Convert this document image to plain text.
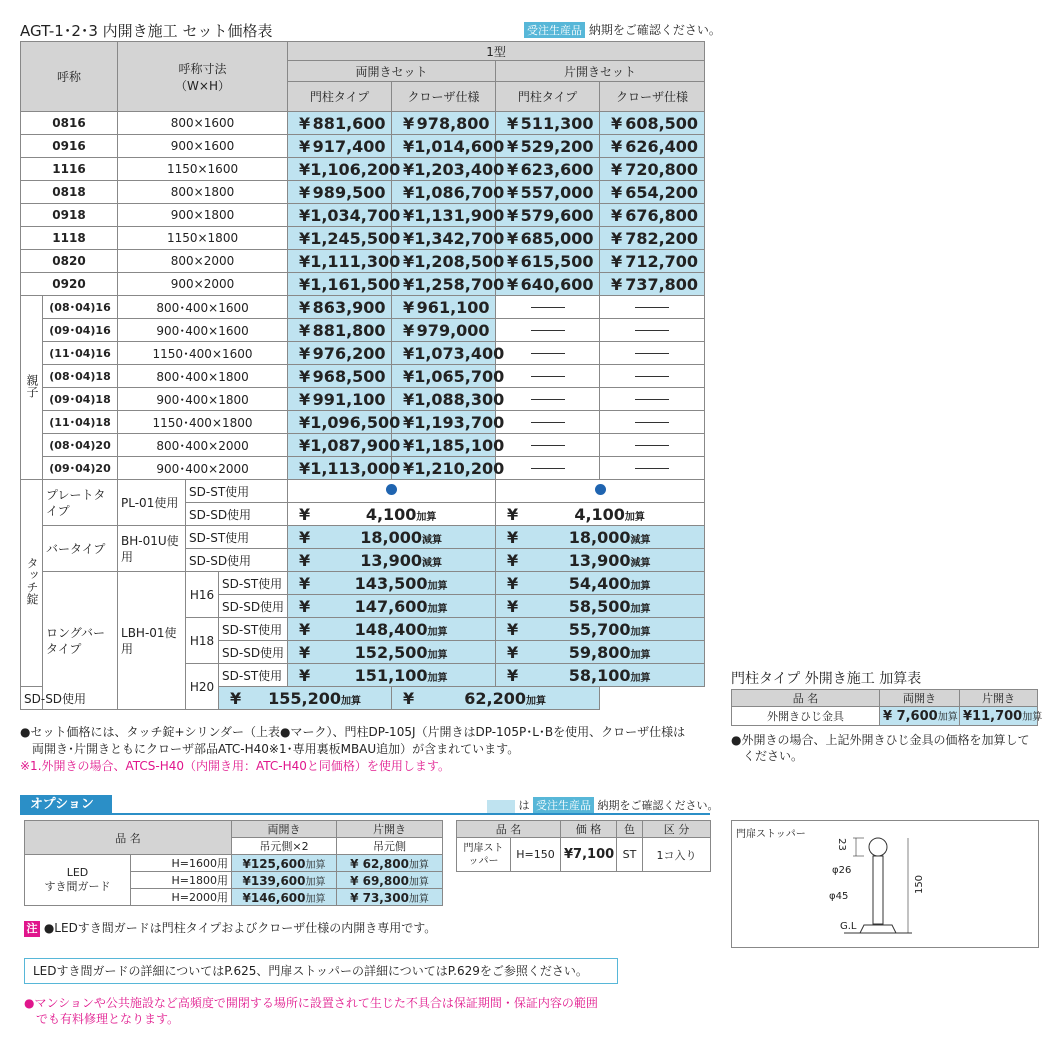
AGT-1･2･3 内開き施工 セット価格表	受注生産品 納期をご確認ください。
呼称		呼称寸法
（W×H）			1型			
					両開きセット		片開きセット	
					門柱タイプ	クローザ仕様	門柱タイプ	クローザ仕様
0816		800×1600			¥ 881,600	¥ 978,800	¥ 511,300	¥ 608,500
0916		900×1600			¥ 917,400	¥ 1,014,600	¥ 529,200	¥ 626,400
1116		1150×1600			¥ 1,106,200	¥ 1,203,400	¥ 623,600	¥ 720,800
0818		800×1800			¥ 989,500	¥ 1,086,700	¥ 557,000	¥ 654,200
0918		900×1800			¥ 1,034,700	¥ 1,131,900	¥ 579,600	¥ 676,800
1118		1150×1800			¥ 1,245,500	¥ 1,342,700	¥ 685,000	¥ 782,200
0820		800×2000			¥ 1,111,300	¥ 1,208,500	¥ 615,500	¥ 712,700
0920		900×2000			¥ 1,161,500	¥ 1,258,700	¥ 640,600	¥ 737,800
親子	(08･04)16	800･400×1600			¥ 863,900	¥ 961,100		
	(09･04)16	900･400×1600			¥ 881,800	¥ 979,000		
	(11･04)16	1150･400×1600			¥ 976,200	¥ 1,073,400		
	(08･04)18	800･400×1800			¥ 968,500	¥ 1,065,700		
	(09･04)18	900･400×1800			¥ 991,100	¥ 1,088,300		
	(11･04)18	1150･400×1800			¥ 1,096,500	¥ 1,193,700		
	(08･04)20	800･400×2000			¥ 1,087,900	¥ 1,185,100		
	(09･04)20	900･400×2000			¥ 1,113,000	¥ 1,210,200		
タッチ錠	プレートタイプ	PL-01使用	SD-ST使用					
			SD-SD使用		¥ 4,100加算		¥ 4,100加算	
	バータイプ	BH-01U使用	SD-ST使用		¥ 18,000減算		¥ 18,000減算	
			SD-SD使用		¥ 13,900減算		¥ 13,900減算	
	ロングバータイプ	LBH-01使用	H16	SD-ST使用	¥ 143,500加算		¥ 54,400加算	
				SD-SD使用	¥ 147,600加算		¥ 58,500加算	
			H18	SD-ST使用	¥ 148,400加算		¥ 55,700加算	
				SD-SD使用	¥ 152,500加算		¥ 59,800加算	
			H20	SD-ST使用	¥ 151,100加算		¥ 58,100加算	
SD-SD使用				¥ 155,200加算		¥ 62,200加算		
●セット価格には、タッチ錠+シリンダー（上表●マーク）、門柱DP-105J（片開きはDP-105P･L･Bを使用、クローザ仕様は
両開き･片開きともにクローザ部品ATC-H40※1･専用裏板MBAU追加）が含まれています。
※1.外開きの場合、ATCS-H40（内開き用：ATC-H40と同価格）を使用します。
門柱タイプ 外開き施工 加算表
品 名	両開き	片開き
外開きひじ金具	¥ 7,600加算	¥11,700加算
●外開きの場合、上記外開きひじ金具の価格を加算して
ください。
オプション	は 受注生産品 納期をご確認ください。
品 名		両開き	片開き
		吊元側×2	吊元側
LED
すき間ガード	H=1600用	¥125,600加算	¥ 62,800加算
	H=1800用	¥139,600加算	¥ 69,800加算
	H=2000用	¥146,600加算	¥ 73,300加算
品 名		価 格	色	区 分
門扉ストッパー	H=150	¥7,100	ST	1コ入り
門扉ストッパー
23
φ26
φ45
150
G.L
注 ●LEDすき間ガードは門柱タイプおよびクローザ仕様の内開き専用です。
LEDすき間ガードの詳細についてはP.625、門扉ストッパーの詳細についてはP.629をご参照ください。
●マンションや公共施設など高頻度で開閉する場所に設置されて生じた不具合は保証期間・保証内容の範囲
でも有料修理となります。
